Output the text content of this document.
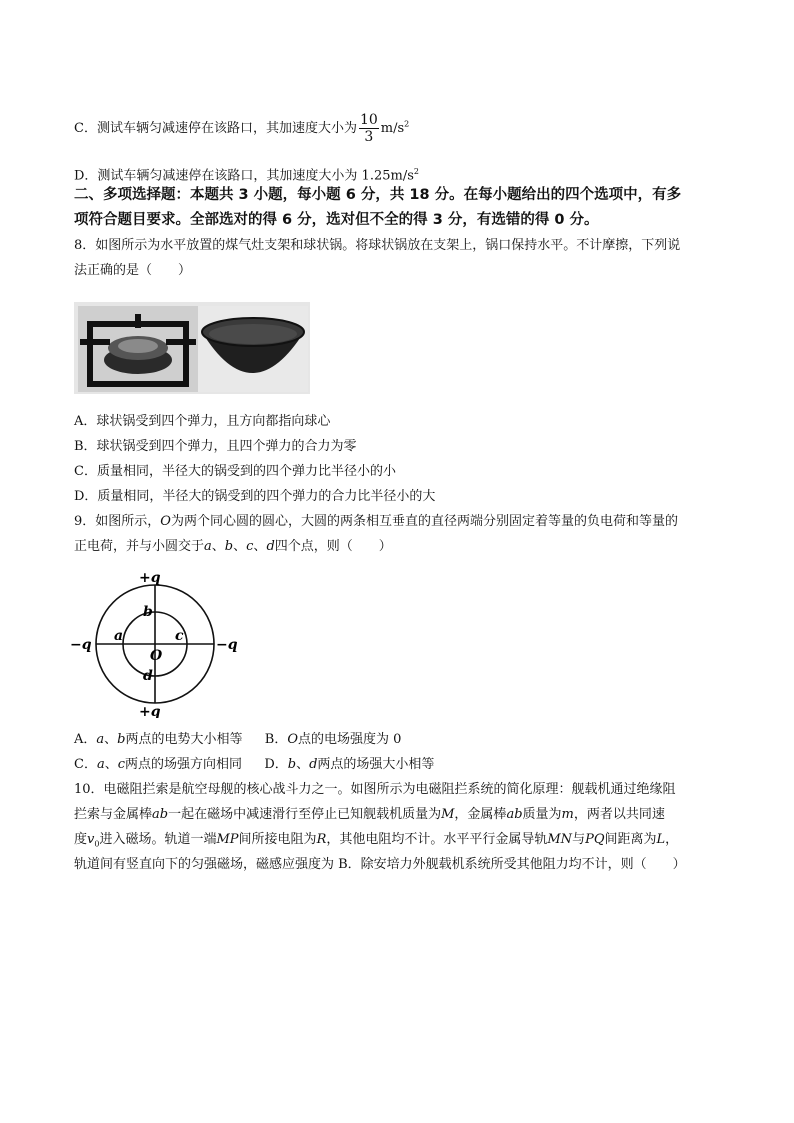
C．测试车辆匀减速停在该路口，其加速度大小为 $\frac{10}{3} m/s^2$
D．测试车辆匀减速停在该路口，其加速度大小为 $1.25m/s^2$
二、多项选择题：本题共 3 小题，每小题 6 分，共 18 分。在每小题给出的四个选项中，有多
项符合题目要求。全部选对的得 6 分，选对但不全的得 3 分，有选错的得 0 分。
8．如图所示为水平放置的煤气灶支架和球状锅。将球状锅放在支架上，锅口保持水平。不计摩擦，下列说
法正确的是（　　）
A．球状锅受到四个弹力，且方向都指向球心
B．球状锅受到四个弹力，且四个弹力的合力为零
C．质量相同，半径大的锅受到的四个弹力比半径小的小
D．质量相同，半径大的锅受到的四个弹力的合力比半径小的大
9．如图所示，O为两个同心圆的圆心，大圆的两条相互垂直的直径两端分别固定着等量的负电荷和等量的
正电荷，并与小圆交于a、b、c、d四个点，则（　　）
+q
+q
−q	−q
a
b
c
d
O
A．a、b两点的电势大小相等 B．O点的电场强度为 0
C．a、c两点的场强方向相同 D．b、d两点的场强大小相等
10．电磁阻拦索是航空母舰的核心战斗力之一。如图所示为电磁阻拦系统的简化原理：舰载机通过绝缘阻
拦索与金属棒ab一起在磁场中减速滑行至停止已知舰载机质量为M，金属棒ab质量为m，两者以共同速
度$v_0$进入磁场。轨道一端MP间所接电阻为R，其他电阻均不计。水平平行金属导轨MN与PQ间距离为L，
轨道间有竖直向下的匀强磁场，磁感应强度为 B．除安培力外舰载机系统所受其他阻力均不计，则（　　）
